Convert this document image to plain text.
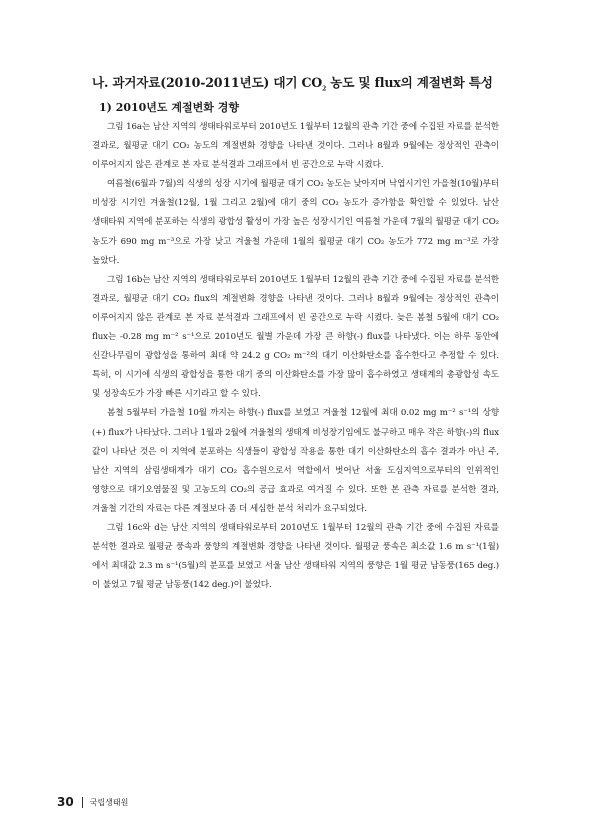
나. 과거자료(2010-2011년도) 대기 $CO_2$ 농도 및 flux의 계절변화 특성
1) 2010년도 계절변화 경향

그림 16a는 남산 지역의 생태타워로부터 2010년도 1월부터 12월의 관측 기간 중에 수집된 자료를 분석한 결과로, 월평균 대기 CO₂ 농도의 계절변화 경향을 나타낸 것이다. 그러나 8월과 9월에는 정상적인 관측이 이루어지지 않은 관계로 본 자료 분석결과 그래프에서 빈 공간으로 누락 시켰다.

여름철(6월과 7월)의 식생의 성장 시기에 월평균 대기 CO₂ 농도는 낮아지며 낙엽시기인 가을철(10월)부터 비성장 시기인 겨울철(12월, 1월 그리고 2월)에 대기 중의 CO₂ 농도가 증가함을 확인할 수 있었다. 남산 생태타워 지역에 분포하는 식생의 광합성 활성이 가장 높은 성장시기인 여름철 가운데 7월의 월평균 대기 CO₂ 농도가 690 mg m⁻³으로 가장 낮고 겨울철 가운데 1월의 월평균 대기 CO₂ 농도가 772 mg m⁻³로 가장 높았다.

그림 16b는 남산 지역의 생태타워로부터 2010년도 1월부터 12월의 관측 기간 중에 수집된 자료를 분석한 결과로, 월평균 대기 CO₂ flux의 계절변화 경향을 나타낸 것이다. 그러나 8월과 9월에는 정상적인 관측이 이루어지지 않은 관계로 본 자료 분석결과 그래프에서 빈 공간으로 누락 시켰다. 늦은 봄철 5월에 대기 CO₂ flux는 -0.28 mg m⁻² s⁻¹으로 2010년도 월별 가운데 가장 큰 하향(-) flux를 나타냈다. 이는 하루 동안에 신갈나무림이 광합성을 통하여 최대 약 24.2 g CO₂ m⁻²의 대기 이산화탄소를 흡수한다고 추정할 수 있다. 특히, 이 시기에 식생의 광합성을 통한 대기 중의 이산화탄소를 가장 많이 흡수하였고 생태계의 총광합성 속도 및 성장속도가 가장 빠른 시기라고 할 수 있다.

봄철 5월부터 가을철 10월 까지는 하향(-) flux를 보였고 겨울철 12월에 최대 0.02 mg m⁻² s⁻¹의 상향(+) flux가 나타났다. 그러나 1월과 2월에 겨울철의 생태계 비성장기임에도 불구하고 매우 작은 하향(-)의 flux 값이 나타난 것은 이 지역에 분포하는 식생들이 광합성 작용을 통한 대기 이산화탄소의 흡수 결과가 아닌 주, 남산 지역의 삼림생태계가 대기 CO₂ 흡수원으로서 역할에서 벗어난 서울 도심지역으로부터의 인위적인 영향으로 대기오염물질 및 고농도의 CO₂의 공급 효과로 여겨질 수 있다. 또한 본 관측 자료를 분석한 결과, 겨울철 기간의 자료는 다른 계절보다 좀 더 세심한 분석 처리가 요구되었다.

그림 16c와 d는 남산 지역의 생태타워로부터 2010년도 1월부터 12월의 관측 기간 중에 수집된 자료를 분석한 결과로 월평균 풍속과 풍향의 계절변화 경향을 나타낸 것이다. 월평균 풍속은 최소값 1.6 m s⁻¹(1월)에서 최대값 2.3 m s⁻¹(5월)의 분포를 보였고 서울 남산 생태타워 지역의 풍향은 1월 평균 남동풍(165 deg.)이 불었고 7월 평균 남동풍(142 deg.)이 불었다.

30 국립생태원
